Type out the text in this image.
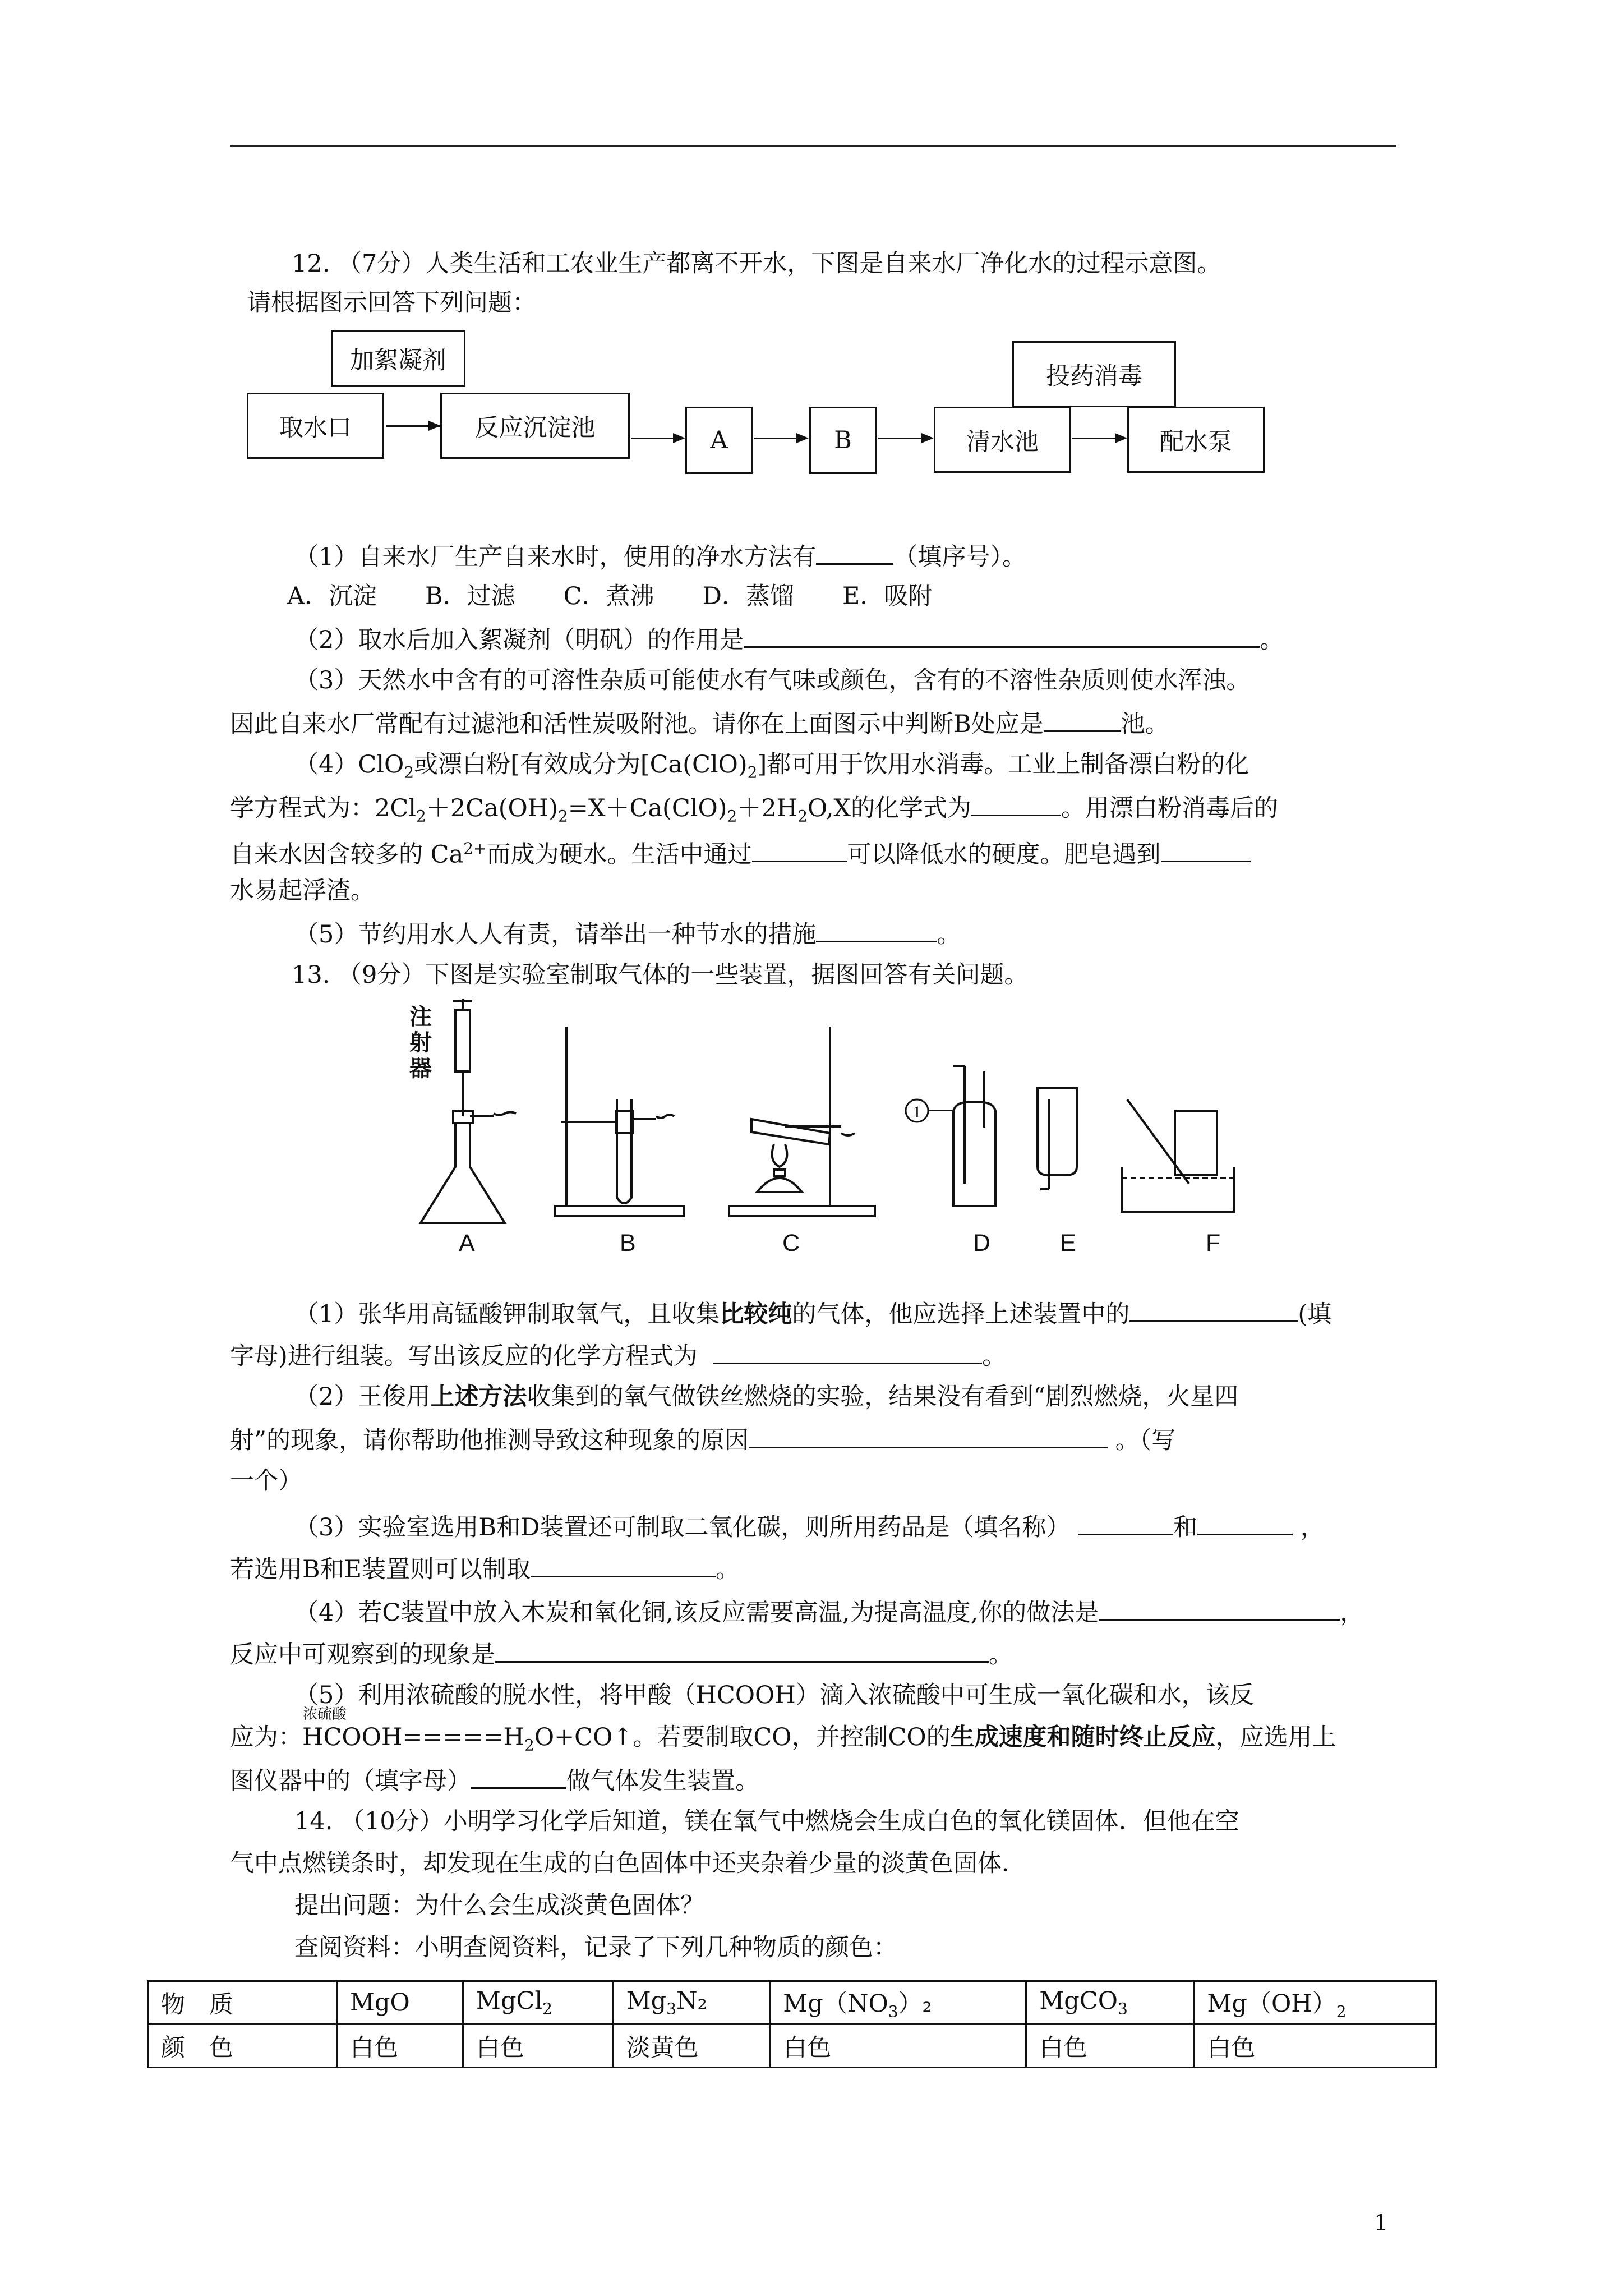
12. （7分）人类生活和工农业生产都离不开水，下图是自来水厂净化水的过程示意图。
请根据图示回答下列问题：
加絮凝剂
取水口	反应沉淀池	A	B
投药消毒
清水池	配水泵
（1）自来水厂生产自来水时，使用的净水方法有	（填序号）。
A．沉淀　　B．过滤　　C．煮沸　　D．蒸馏　　E．吸附
（2）取水后加入絮凝剂（明矾）的作用是	。
（3）天然水中含有的可溶性杂质可能使水有气味或颜色，含有的不溶性杂质则使水浑浊。
因此自来水厂常配有过滤池和活性炭吸附池。请你在上面图示中判断B处应是	池。
（4）ClO$_2$或漂白粉[有效成分为$[Ca(ClO)_2]$都可用于饮用水消毒。工业上制备漂白粉的化
学方程式为：$2Cl_2+2Ca(OH)_2=X+Ca(ClO)_2+2H_2O,X$的化学式为	。用漂白粉消毒后的
自来水因含较多的 $Ca^{2+}$而成为硬水。生活中通过	可以降低水的硬度。肥皂遇到
水易起浮渣。
（5）节约用水人人有责，请举出一种节水的措施	。
13. （9分）下图是实验室制取气体的一些装置，据图回答有关问题。
注射器
1
A	B	C	D	E	F
（1）张华用高锰酸钾制取氧气，且收集比较纯的气体，他应选择上述装置中的	(填
字母)进行组装。写出该反应的化学方程式为	。
（2）王俊用上述方法收集到的氧气做铁丝燃烧的实验，结果没有看到“剧烈燃烧，火星四
射”的现象，请你帮助他推测导致这种现象的原因	。（写
一个）
（3）实验室选用B和D装置还可制取二氧化碳，则所用药品是（填名称）	和	，
若选用B和E装置则可以制取	。
（4）若C装置中放入木炭和氧化铜,该反应需要高温,为提高温度,你的做法是	，
反应中可观察到的现象是	。
（5）利用浓硫酸的脱水性，将甲酸（HCOOH）滴入浓硫酸中可生成一氧化碳和水，该反
浓硫酸
应为：$HCOOH=====H_2O+CO↑$。若要制取CO，并控制CO的生成速度和随时终止反应，应选用上
图仪器中的（填字母）	做气体发生装置。
14. （10分）小明学习化学后知道，镁在氧气中燃烧会生成白色的氧化镁固体．但他在空
气中点燃镁条时，却发现在生成的白色固体中还夹杂着少量的淡黄色固体．
提出问题：为什么会生成淡黄色固体？
查阅资料：小明查阅资料，记录了下列几种物质的颜色：
物　质	MgO	MgCl$_2$	$Mg_3N_2$	$Mg(NO_3)_2$	MgCO$_3$	$Mg(OH)_2$
颜　色	白色	白色	淡黄色	白色	白色	白色
1
